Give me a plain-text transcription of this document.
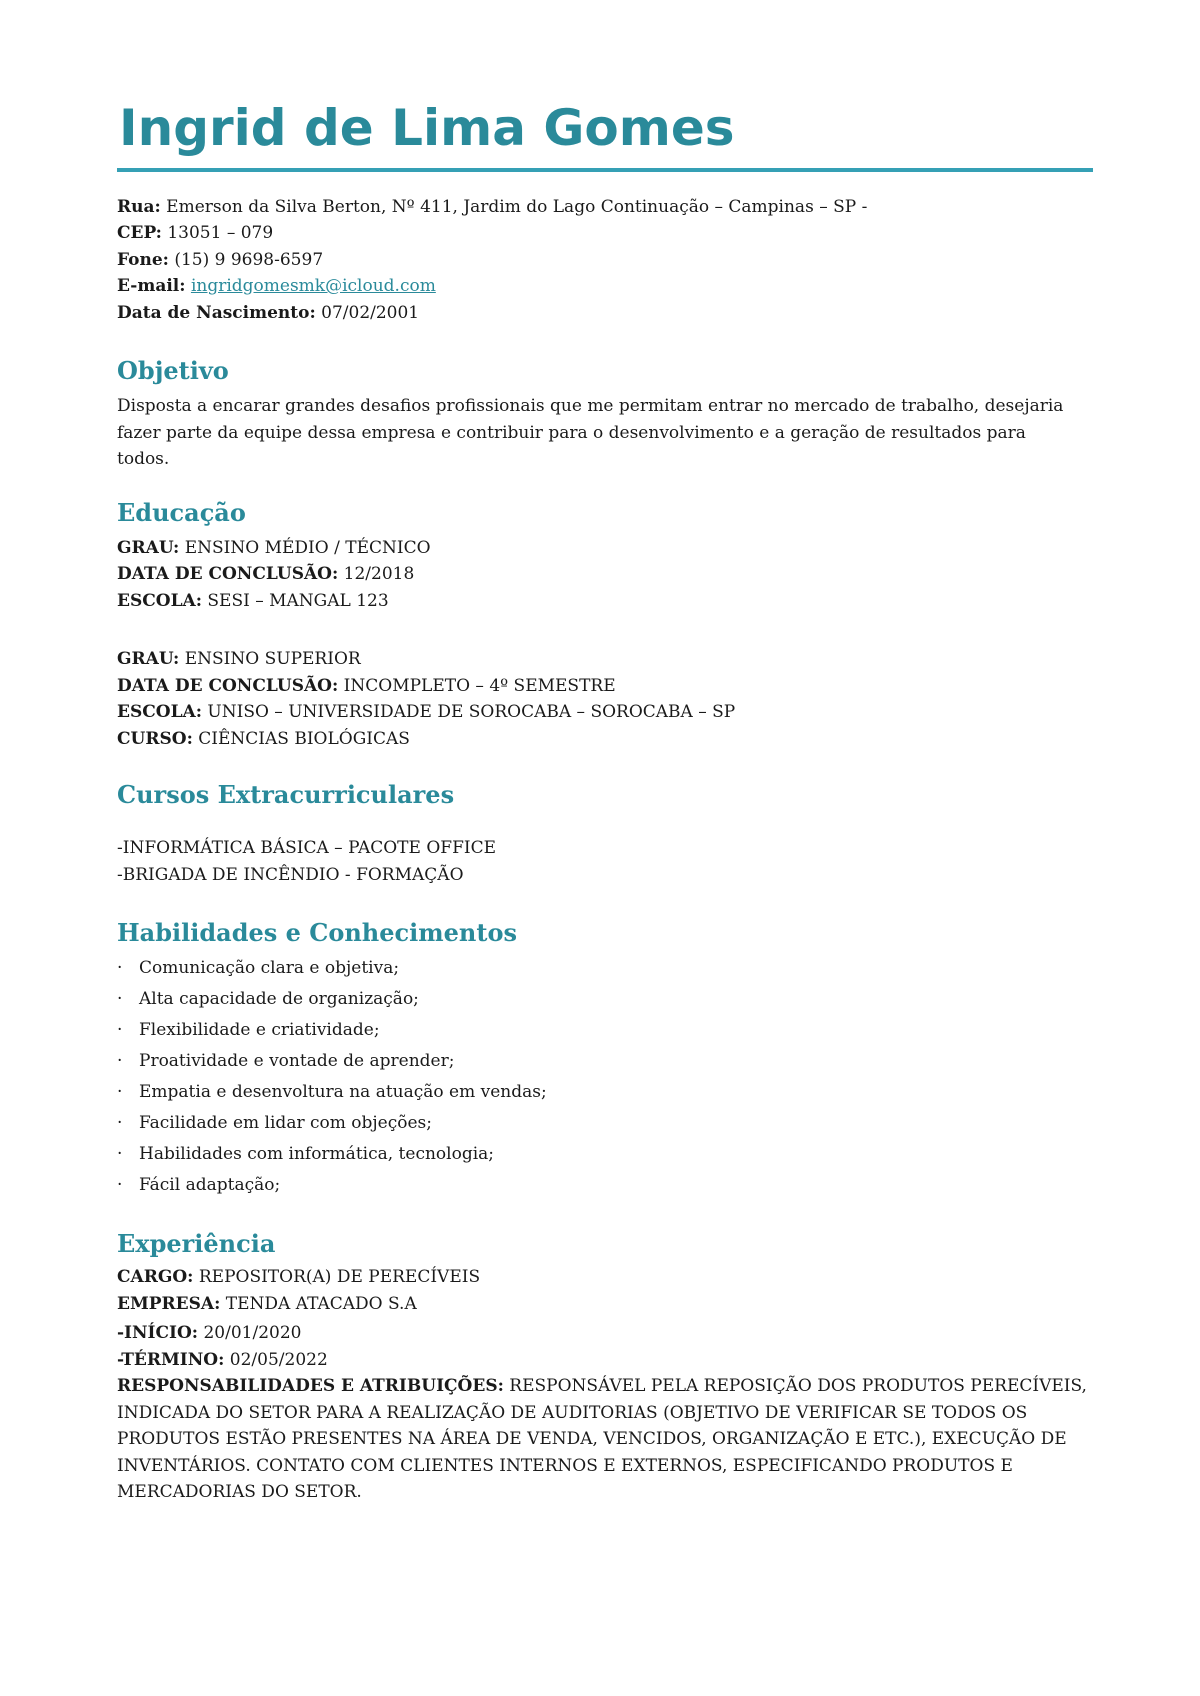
Ingrid de Lima Gomes
Rua: Emerson da Silva Berton, Nº 411, Jardim do Lago Continuação – Campinas – SP -
CEP: 13051 – 079
Fone: (15) 9 9698-6597
E-mail: ingridgomesmk@icloud.com
Data de Nascimento: 07/02/2001
Objetivo

Disposta a encarar grandes desafios profissionais que me permitam entrar no mercado de trabalho, desejaria fazer parte da equipe dessa empresa e contribuir para o desenvolvimento e a geração de resultados para todos.

Educação
GRAU: ENSINO MÉDIO / TÉCNICO
DATA DE CONCLUSÃO: 12/2018
ESCOLA: SESI – MANGAL 123
GRAU: ENSINO SUPERIOR
DATA DE CONCLUSÃO: INCOMPLETO – 4º SEMESTRE
ESCOLA: UNISO – UNIVERSIDADE DE SOROCABA – SOROCABA – SP
CURSO: CIÊNCIAS BIOLÓGICAS
Cursos Extracurriculares
-INFORMÁTICA BÁSICA – PACOTE OFFICE
-BRIGADA DE INCÊNDIO - FORMAÇÃO
Habilidades e Conhecimentos
· Comunicação clara e objetiva;
· Alta capacidade de organização;
· Flexibilidade e criatividade;
· Proatividade e vontade de aprender;
· Empatia e desenvoltura na atuação em vendas;
· Facilidade em lidar com objeções;
· Habilidades com informática, tecnologia;
· Fácil adaptação;
Experiência
CARGO: REPOSITOR(A) DE PERECÍVEIS
EMPRESA: TENDA ATACADO S.A
-INÍCIO: 20/01/2020
-TÉRMINO: 02/05/2022

RESPONSABILIDADES E ATRIBUIÇÕES: RESPONSÁVEL PELA REPOSIÇÃO DOS PRODUTOS PERECÍVEIS, INDICADA DO SETOR PARA A REALIZAÇÃO DE AUDITORIAS (OBJETIVO DE VERIFICAR SE TODOS OS PRODUTOS ESTÃO PRESENTES NA ÁREA DE VENDA, VENCIDOS, ORGANIZAÇÃO E ETC.), EXECUÇÃO DE INVENTÁRIOS. CONTATO COM CLIENTES INTERNOS E EXTERNOS, ESPECIFICANDO PRODUTOS E MERCADORIAS DO SETOR.
